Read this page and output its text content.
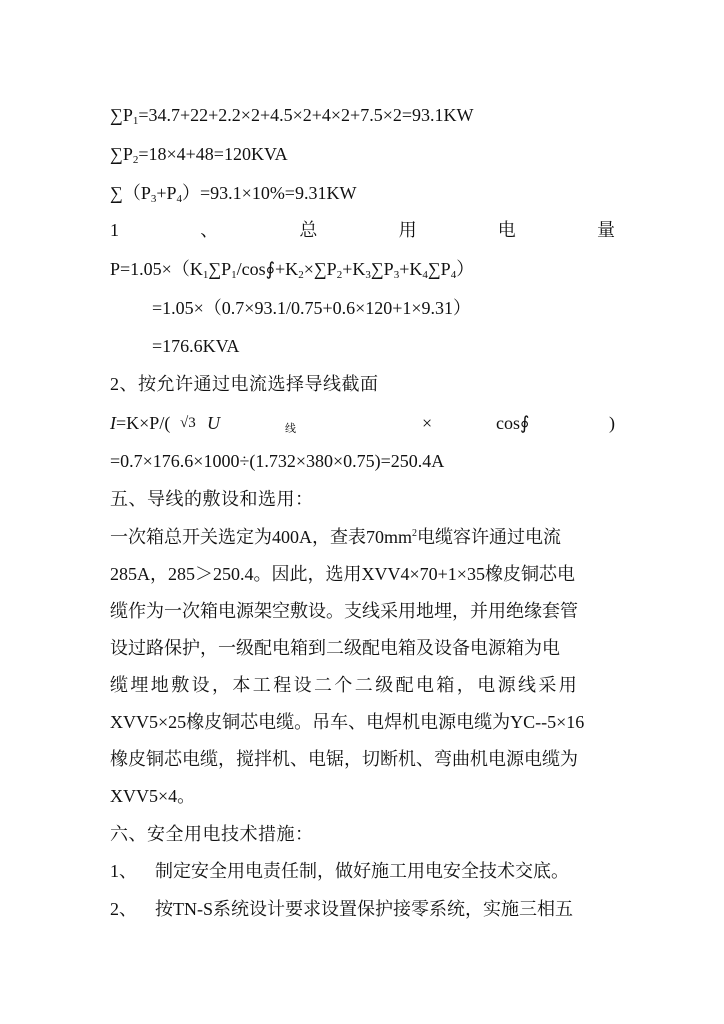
$\sum P_1=34.7+22+2.2\times 2+4.5\times 2+4\times 2+7.5\times 2=93.1KW$
$\sum P_2=18\times 4+48=120KVA$
$\sum(P_3+P_4)=93.1\times 10\%=9.31KW$
1	、	总	用	电	量
$P=1.05\times(K_1\sum P_1/\cos∮+K_2\times\sum P_2+K_3\sum P_3+K_4\sum P_4)$
=1.05×（0.7×93.1/0.75+0.6×120+1×9.31）
=176.6KVA
2、按允许通过电流选择导线截面
I=K×P/( √3 U	线	×	cos∮	)
=0.7×176.6×1000÷(1.732×380×0.75)=250.4A
五、导线的敷设和选用：
一次箱总开关选定为400A，查表$70mm^2$电缆容许通过电流
285A，285＞250.4。因此，选用XVV4×70+1×35橡皮铜芯电
缆作为一次箱电源架空敷设。支线采用地埋，并用绝缘套管
设过路保护，一级配电箱到二级配电箱及设备电源箱为电
缆埋地敷设，本工程设二个二级配电箱，电源线采用
XVV5×25橡皮铜芯电缆。吊车、电焊机电源电缆为YC--5×16
橡皮铜芯电缆，搅拌机、电锯，切断机、弯曲机电源电缆为
XVV5×4。
六、安全用电技术措施：
1、 制定安全用电责任制，做好施工用电安全技术交底。
2、 按TN-S系统设计要求设置保护接零系统，实施三相五
